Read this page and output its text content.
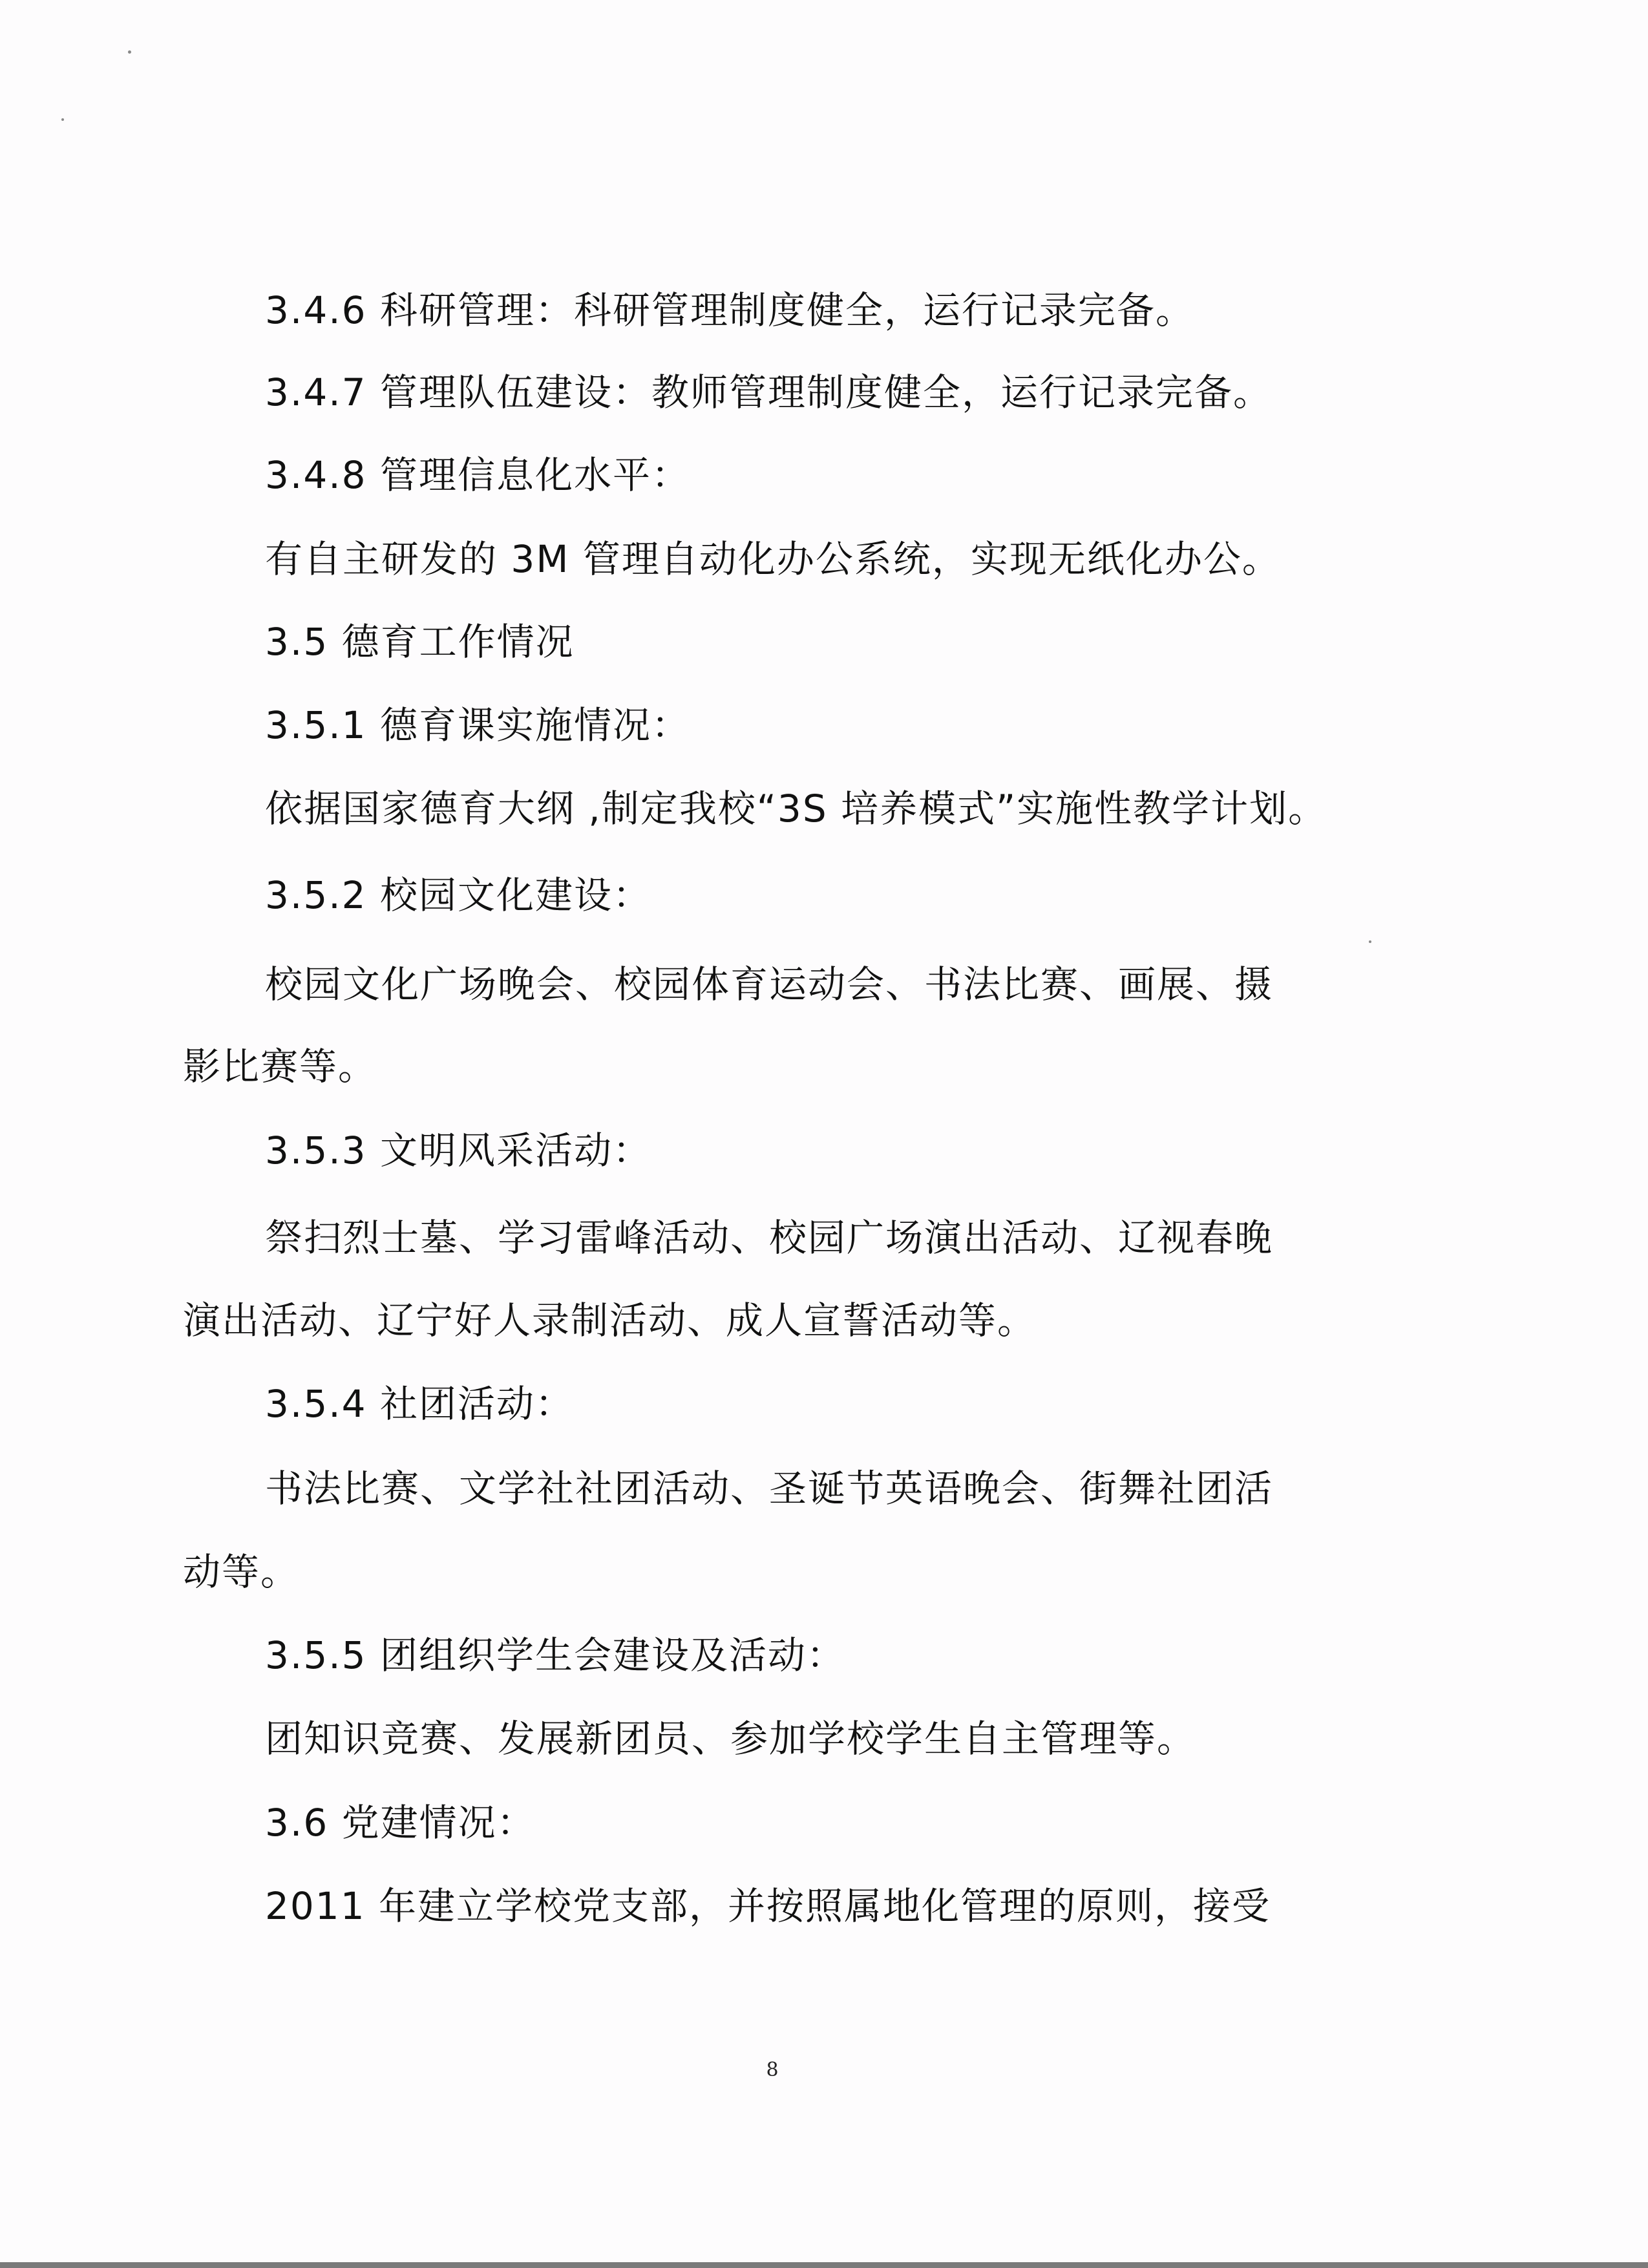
3.4.6 科研管理：科研管理制度健全，运行记录完备。
3.4.7 管理队伍建设：教师管理制度健全，运行记录完备。
3.4.8 管理信息化水平：
有自主研发的 3M 管理自动化办公系统，实现无纸化办公。
3.5 德育工作情况
3.5.1 德育课实施情况：
依据国家德育大纲 ,制定我校“3S 培养模式”实施性教学计划。
3.5.2 校园文化建设：
校园文化广场晚会、校园体育运动会、书法比赛、画展、摄
影比赛等。
3.5.3 文明风采活动：
祭扫烈士墓、学习雷峰活动、校园广场演出活动、辽视春晚
演出活动、辽宁好人录制活动、成人宣誓活动等。
3.5.4 社团活动：
书法比赛、文学社社团活动、圣诞节英语晚会、街舞社团活
动等。
3.5.5 团组织学生会建设及活动：
团知识竞赛、发展新团员、参加学校学生自主管理等。
3.6 党建情况：
2011 年建立学校党支部，并按照属地化管理的原则，接受
8
